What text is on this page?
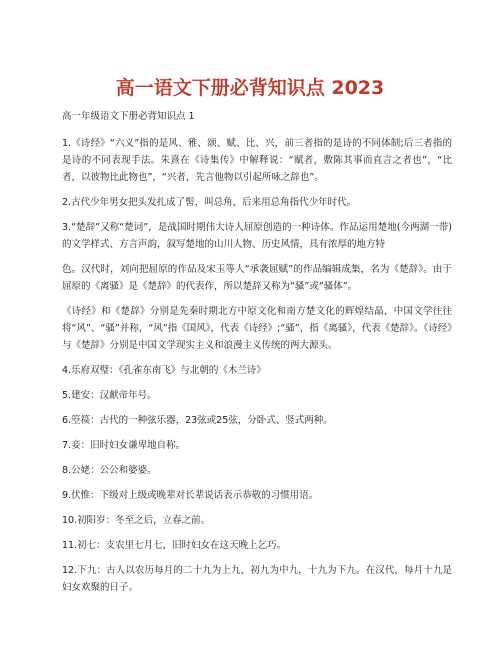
高一语文下册必背知识点 2023

高一年级语文下册必背知识点 1

1.《诗经》“六义”指的是风、雅、颂、赋、比、兴，前三者指的是诗的不同体制;后三者指的是诗的不同表现手法。朱熹在《诗集传》中解释说：“赋者，敷陈其事而直言之者也”，“比者，以彼物比此物也”，“兴者，先言他物以引起所咏之辞也”。

2.古代少年男女把头发扎成了髻，叫总角，后来用总角指代少年时代。

3.“楚辞”又称“楚词”，是战国时期伟大诗人屈原创造的一种诗体。作品运用楚地(今两湖一带)的文学样式、方言声韵，叙写楚地的山川人物、历史风情，具有浓厚的地方特

色。汉代时，刘向把屈原的作品及宋玉等人“承袭屈赋”的作品编辑成集，名为《楚辞》。由于屈原的《离骚》是《楚辞》的代表作，所以楚辞又称为“骚”或“骚体”。

《诗经》和《楚辞》分别是先秦时期北方中原文化和南方楚文化的辉煌结晶，中国文学往往将“风”、“骚”并称，“风”指《国风》，代表《诗经》;“骚”，指《离骚》，代表《楚辞》。《诗经》与《楚辞》分别是中国文学现实主义和浪漫主义传统的两大源头。

4.乐府双璧：《孔雀东南飞》与北朝的《木兰诗》

5.建安：汉献帝年号。

6.箜篌：古代的一种弦乐器，23弦或25弦，分卧式、竖式两种。

7.妾：旧时妇女谦卑地自称。

8.公姥：公公和婆婆。

9.伏惟：下级对上级或晚辈对长辈说话表示恭敬的习惯用语。

10.初阳岁：冬至之后，立春之前。

11.初七：支农里七月七，旧时妇女在这天晚上乞巧。

12.下九：古人以农历每月的二十九为上九，初九为中九，十九为下九。在汉代，每月十九是妇女欢聚的日子。
